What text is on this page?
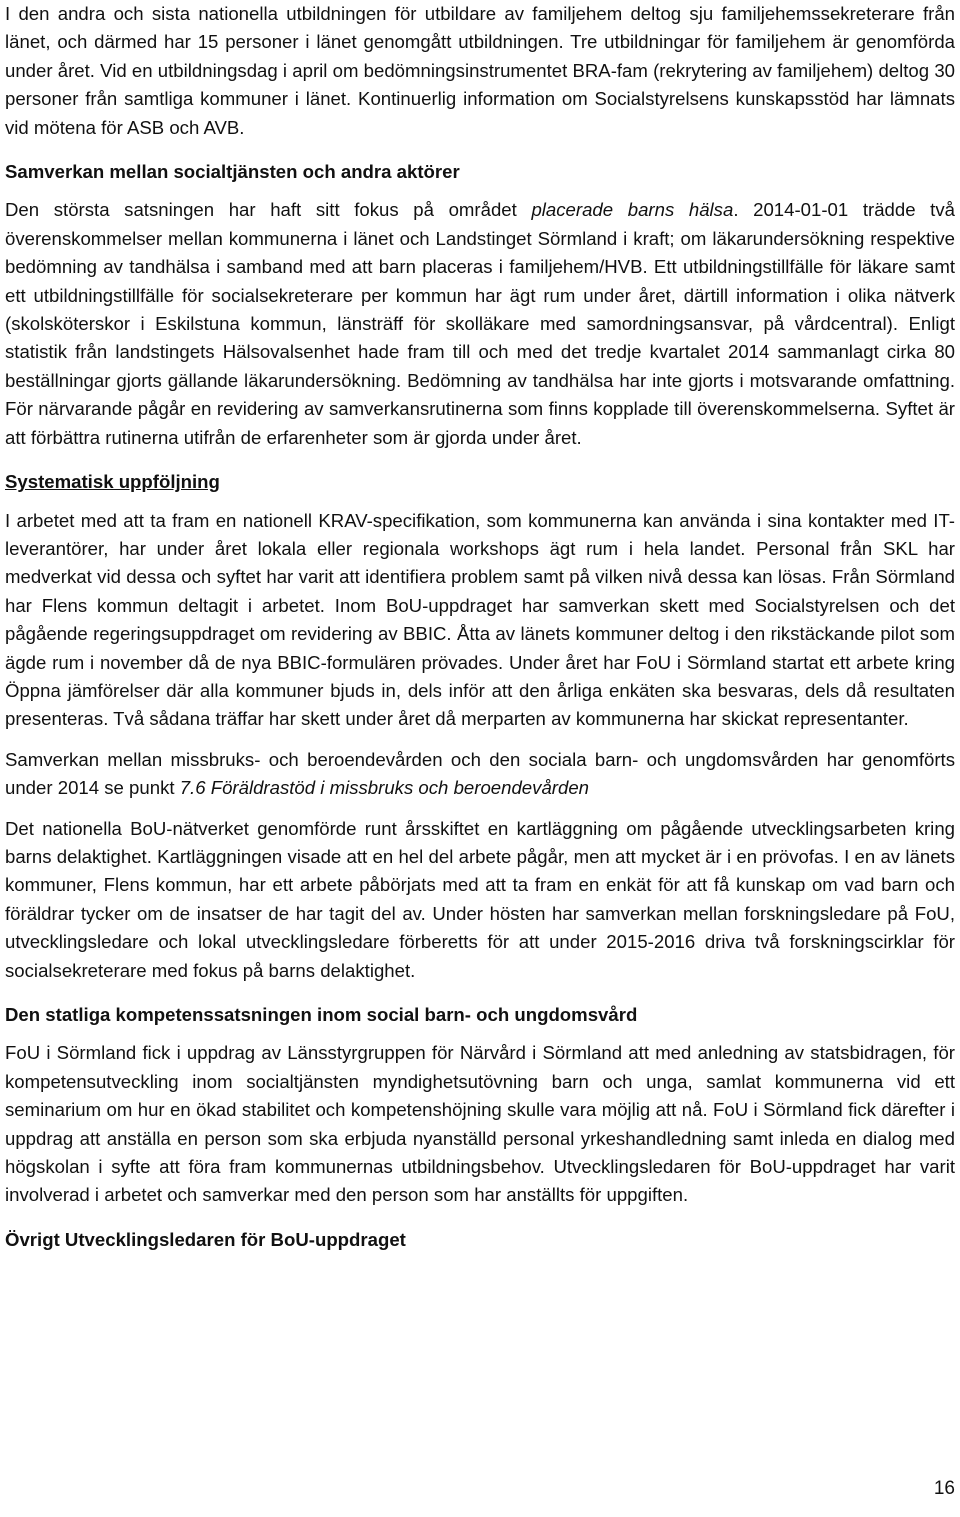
I den andra och sista nationella utbildningen för utbildare av familjehem deltog sju familjehemssekreterare från länet, och därmed har 15 personer i länet genomgått utbildningen. Tre utbildningar för familjehem är genomförda under året. Vid en utbildningsdag i april om bedömningsinstrumentet BRA-fam (rekrytering av familjehem) deltog 30 personer från samtliga kommuner i länet. Kontinuerlig information om Socialstyrelsens kunskapsstöd har lämnats vid mötena för ASB och AVB.

Samverkan mellan socialtjänsten och andra aktörer

Den största satsningen har haft sitt fokus på området placerade barns hälsa. 2014-01-01 trädde två överenskommelser mellan kommunerna i länet och Landstinget Sörmland i kraft; om läkarundersökning respektive bedömning av tandhälsa i samband med att barn placeras i familjehem/HVB. Ett utbildningstillfälle för läkare samt ett utbildningstillfälle för socialsekreterare per kommun har ägt rum under året, därtill information i olika nätverk (skolsköterskor i Eskilstuna kommun, länsträff för skolläkare med samordningsansvar, på vårdcentral). Enligt statistik från landstingets Hälsovalsenhet hade fram till och med det tredje kvartalet 2014 sammanlagt cirka 80 beställningar gjorts gällande läkarundersökning. Bedömning av tandhälsa har inte gjorts i motsvarande omfattning. För närvarande pågår en revidering av samverkansrutinerna som finns kopplade till överenskommelserna. Syftet är att förbättra rutinerna utifrån de erfarenheter som är gjorda under året.

Systematisk uppföljning

I arbetet med att ta fram en nationell KRAV-specifikation, som kommunerna kan använda i sina kontakter med IT-leverantörer, har under året lokala eller regionala workshops ägt rum i hela landet. Personal från SKL har medverkat vid dessa och syftet har varit att identifiera problem samt på vilken nivå dessa kan lösas. Från Sörmland har Flens kommun deltagit i arbetet. Inom BoU-uppdraget har samverkan skett med Socialstyrelsen och det pågående regeringsuppdraget om revidering av BBIC. Åtta av länets kommuner deltog i den rikstäckande pilot som ägde rum i november då de nya BBIC-formulären prövades. Under året har FoU i Sörmland startat ett arbete kring Öppna jämförelser där alla kommuner bjuds in, dels inför att den årliga enkäten ska besvaras, dels då resultaten presenteras. Två sådana träffar har skett under året då merparten av kommunerna har skickat representanter.

Samverkan mellan missbruks- och beroendevården och den sociala barn- och ungdomsvården har genomförts under 2014 se punkt 7.6 Föräldrastöd i missbruks och beroendevården

Det nationella BoU-nätverket genomförde runt årsskiftet en kartläggning om pågående utvecklingsarbeten kring barns delaktighet. Kartläggningen visade att en hel del arbete pågår, men att mycket är i en prövofas. I en av länets kommuner, Flens kommun, har ett arbete påbörjats med att ta fram en enkät för att få kunskap om vad barn och föräldrar tycker om de insatser de har tagit del av. Under hösten har samverkan mellan forskningsledare på FoU, utvecklingsledare och lokal utvecklingsledare förberetts för att under 2015-2016 driva två forskningscirklar för socialsekreterare med fokus på barns delaktighet.

Den statliga kompetenssatsningen inom social barn- och ungdomsvård

FoU i Sörmland fick i uppdrag av Länsstyrgruppen för Närvård i Sörmland att med anledning av statsbidragen, för kompetensutveckling inom socialtjänsten myndighetsutövning barn och unga, samlat kommunerna vid ett seminarium om hur en ökad stabilitet och kompetenshöjning skulle vara möjlig att nå. FoU i Sörmland fick därefter i uppdrag att anställa en person som ska erbjuda nyanställd personal yrkeshandledning samt inleda en dialog med högskolan i syfte att föra fram kommunernas utbildningsbehov. Utvecklingsledaren för BoU-uppdraget har varit involverad i arbetet och samverkar med den person som har anställts för uppgiften.

Övrigt Utvecklingsledaren för BoU-uppdraget
16
